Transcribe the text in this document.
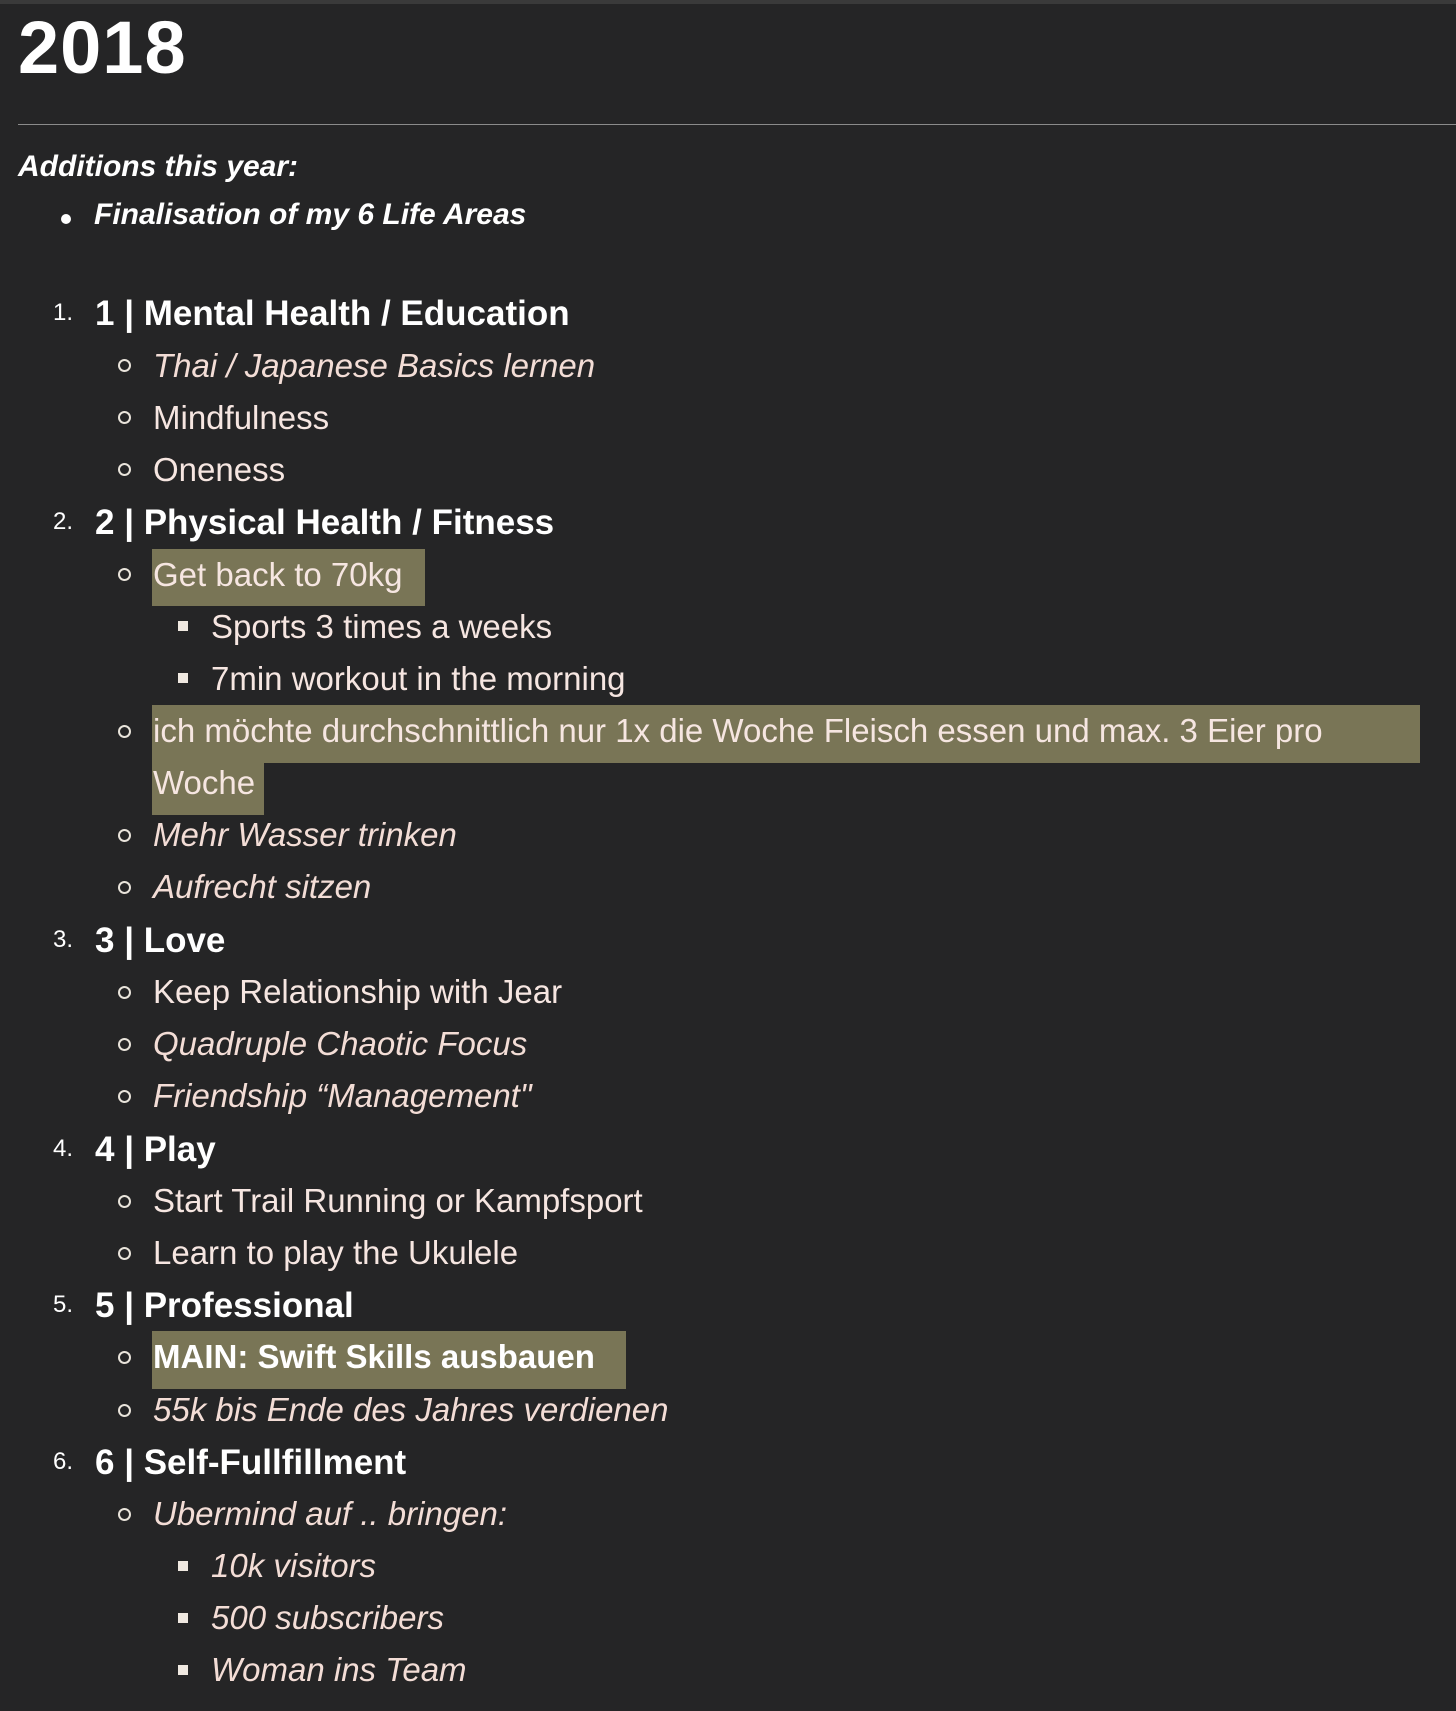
2018
Additions this year:
Finalisation of my 6 Life Areas
1. 1 | Mental Health / Education
Thai / Japanese Basics lernen
Mindfulness
Oneness
2. 2 | Physical Health / Fitness
Get back to 70kg
Sports 3 times a weeks
7min workout in the morning
ich möchte durchschnittlich nur 1x die Woche Fleisch essen und max. 3 Eier pro
Woche
Mehr Wasser trinken
Aufrecht sitzen
3. 3 | Love
Keep Relationship with Jear
Quadruple Chaotic Focus
Friendship “Management"
4. 4 | Play
Start Trail Running or Kampfsport
Learn to play the Ukulele
5. 5 | Professional
MAIN: Swift Skills ausbauen
55k bis Ende des Jahres verdienen
6. 6 | Self-Fullfillment
Ubermind auf .. bringen:
10k visitors
500 subscribers
Woman ins Team
